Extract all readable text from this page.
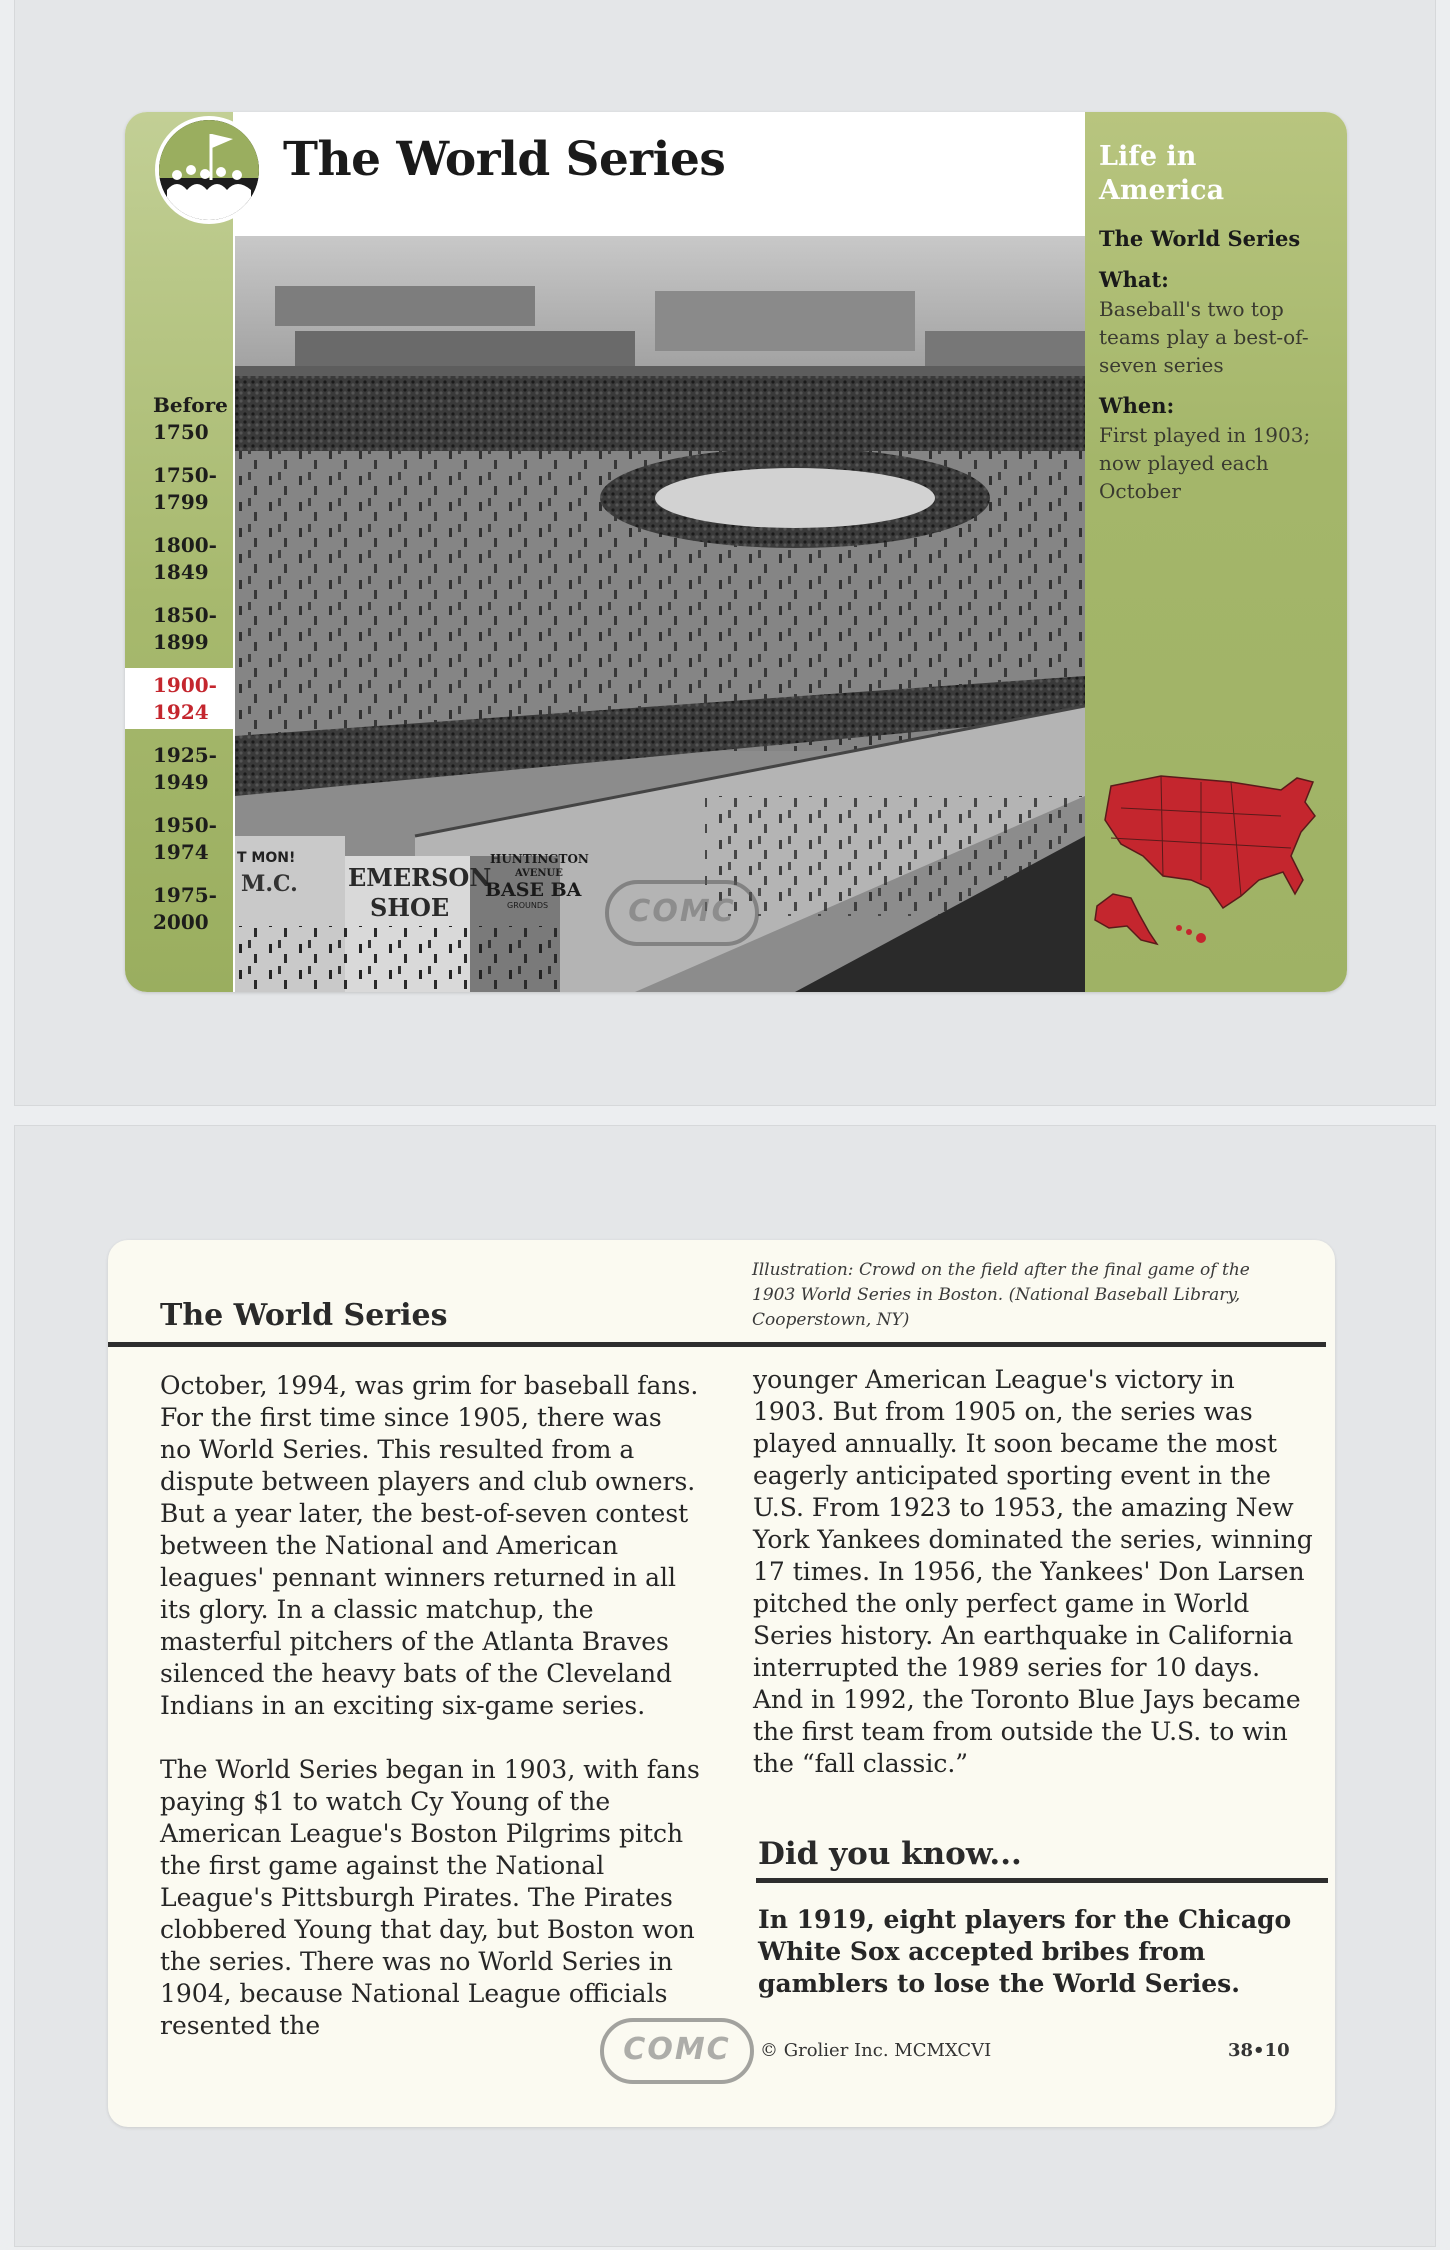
Before
1750
1750-
1799
1800-
1849
1850-
1899
1900-
1924
1925-
1949
1950-
1974
1975-
2000
T MON!
M.C. EMERSON
SHOE
HUNTINGTON
AVENUE
BASE BA
GROUNDS
The World Series	Life in
America
The World Series
What:
Baseball's two top teams play a best-of-seven series
When:
First played in 1903; now played each October
COMC
The World Series
Illustration: Crowd on the field after the final game of the 1903 World Series in Boston. (National Baseball Library, Cooperstown, NY)

October, 1994, was grim for baseball fans. For the first time since 1905, there was no World Series. This resulted from a dispute between players and club owners. But a year later, the best-of-seven contest between the National and American leagues' pennant winners returned in all its glory. In a classic matchup, the masterful pitchers of the Atlanta Braves silenced the heavy bats of the Cleveland Indians in an exciting six-game series.

The World Series began in 1903, with fans paying $1 to watch Cy Young of the American League's Boston Pilgrims pitch the first game against the National League's Pittsburgh Pirates. The Pirates clobbered Young that day, but Boston won the series. There was no World Series in 1904, because National League officials resented the

younger American League's victory in 1903. But from 1905 on, the series was played annually. It soon became the most eagerly anticipated sporting event in the U.S. From 1923 to 1953, the amazing New York Yankees dominated the series, winning 17 times. In 1956, the Yankees' Don Larsen pitched the only perfect game in World Series history. An earthquake in California interrupted the 1989 series for 10 days. And in 1992, the Toronto Blue Jays became the first team from outside the U.S. to win the “fall classic.”

Did you know...
In 1919, eight players for the Chicago White Sox accepted bribes from gamblers to lose the World Series.
© Grolier Inc. MCMXCVI	38•10
COMC
